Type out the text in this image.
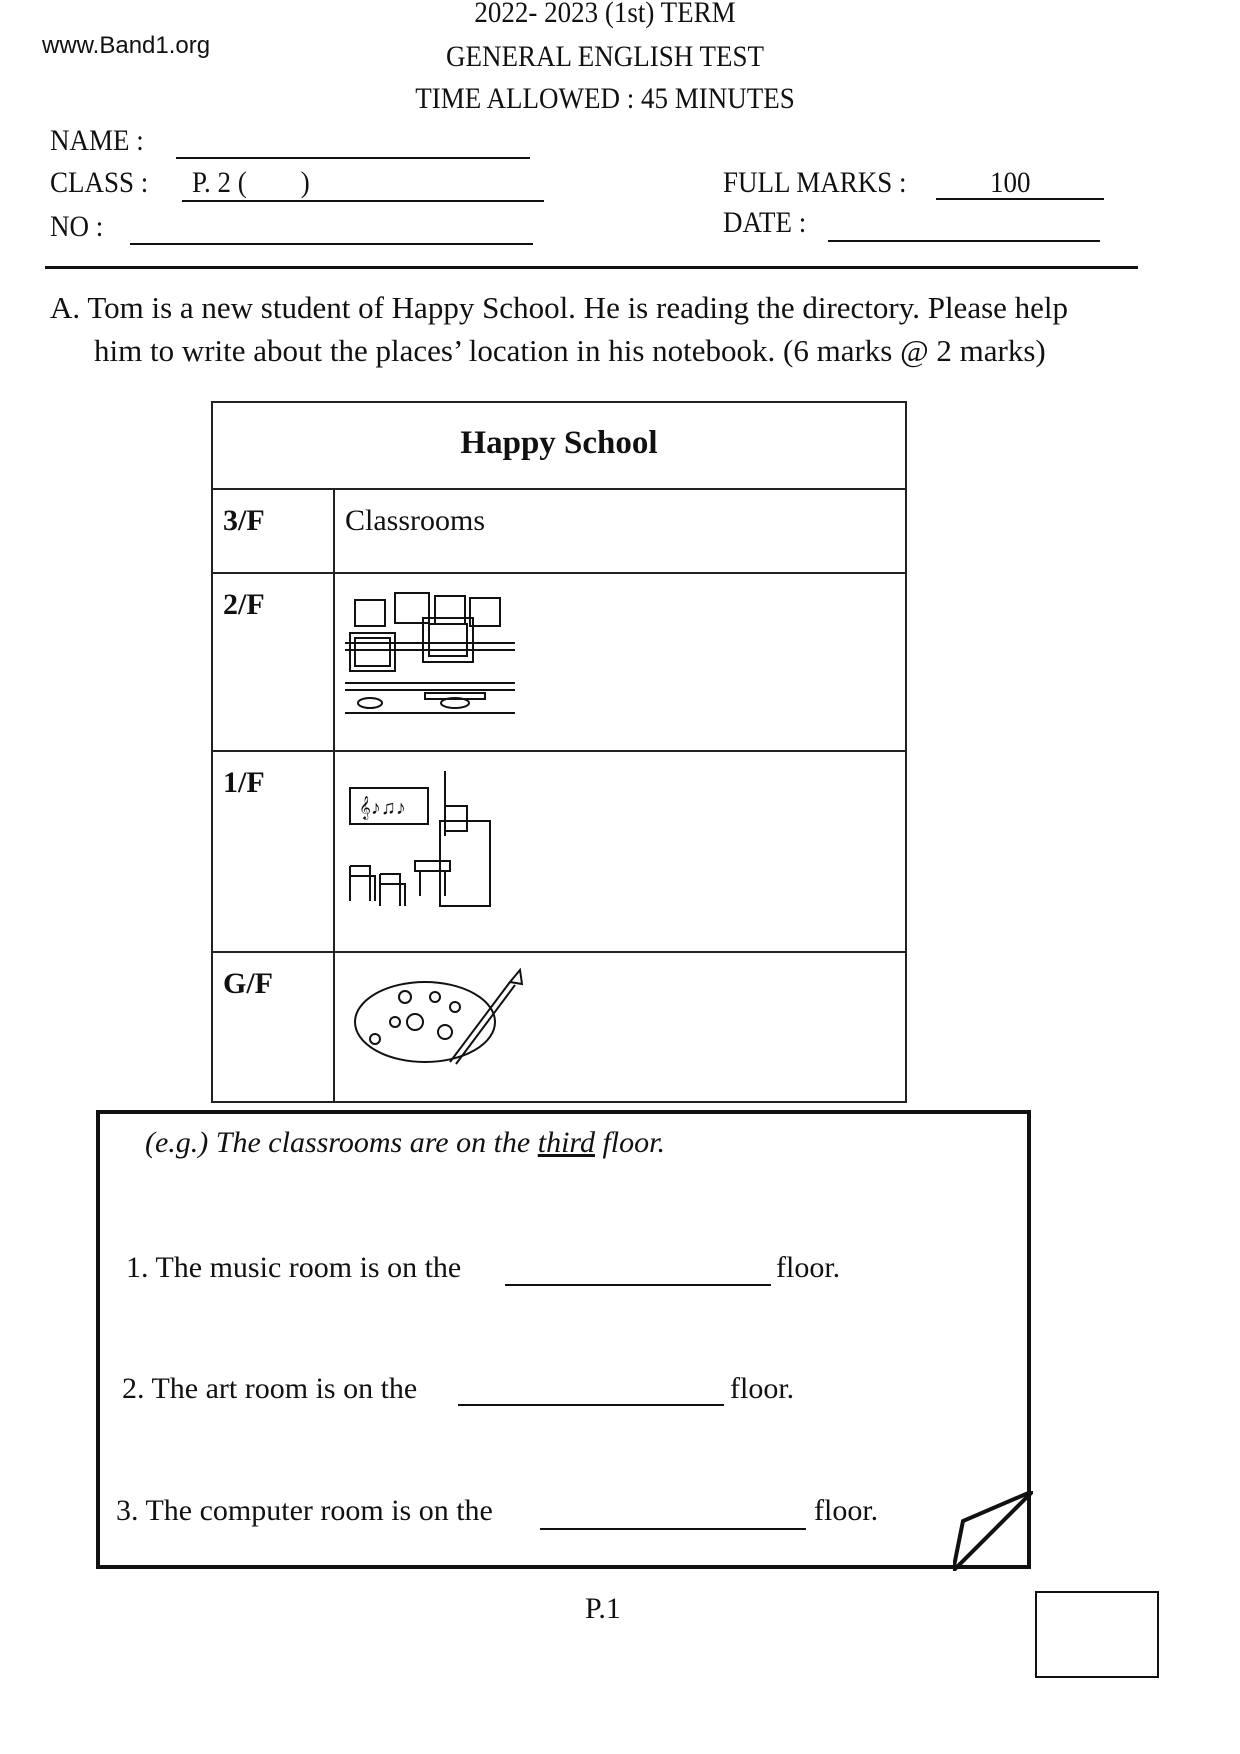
www.Band1.org
2022- 2023 (1st) TERM
GENERAL ENGLISH TEST
TIME ALLOWED : 45 MINUTES
NAME :
CLASS : P. 2 (        )
NO :
FULL MARKS :	100
DATE :
A. Tom is a new student of Happy School. He is reading the directory. Please help
him to write about the places’ location in his notebook. (6 marks @ 2 marks)
Happy School	
3/F	Classrooms
2/F	
1/F	𝄞♪♫♪

G/F	
(e.g.) The classrooms are on the third floor.
1. The music room is on the	floor.
2. The art room is on the	floor.
3. The computer room is on the	floor.
P.1
